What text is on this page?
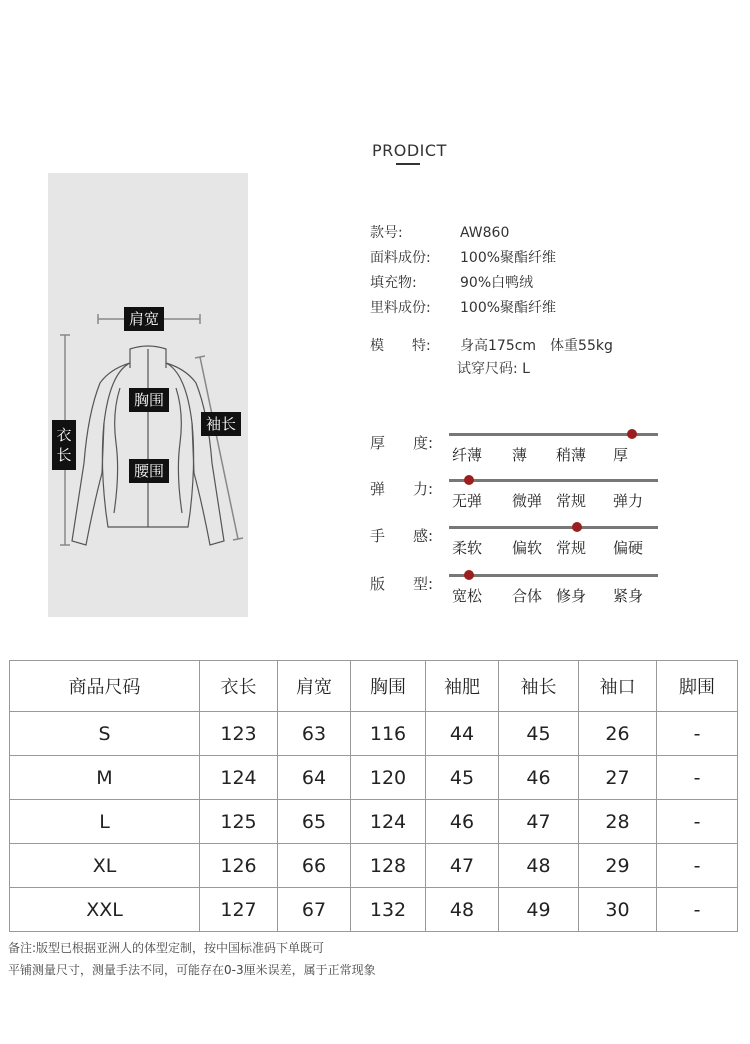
PRODICT
肩宽
胸围
腰围
袖长
衣长
款号:	AW860
面料成份: 100%聚酯纤维
填充物:	90%白鸭绒
里料成份: 100%聚酯纤维
模　　特: 身高175cm　体重55kg
试穿尺码: L
厚 度:
纤薄 薄 稍薄 厚
弹 力:
无弹 微弹 常规 弹力
手 感:
柔软 偏软 常规 偏硬
版 型:
宽松 合体 修身 紧身
商品尺码	衣长	肩宽	胸围	袖肥	袖长	袖口	脚围
S	123	63	116	44	45	26	-
M	124	64	120	45	46	27	-
L	125	65	124	46	47	28	-
XL	126	66	128	47	48	29	-
XXL	127	67	132	48	49	30	-
备注:版型已根据亚洲人的体型定制，按中国标准码下单既可
平铺测量尺寸，测量手法不同，可能存在0-3厘米误差，属于正常现象
